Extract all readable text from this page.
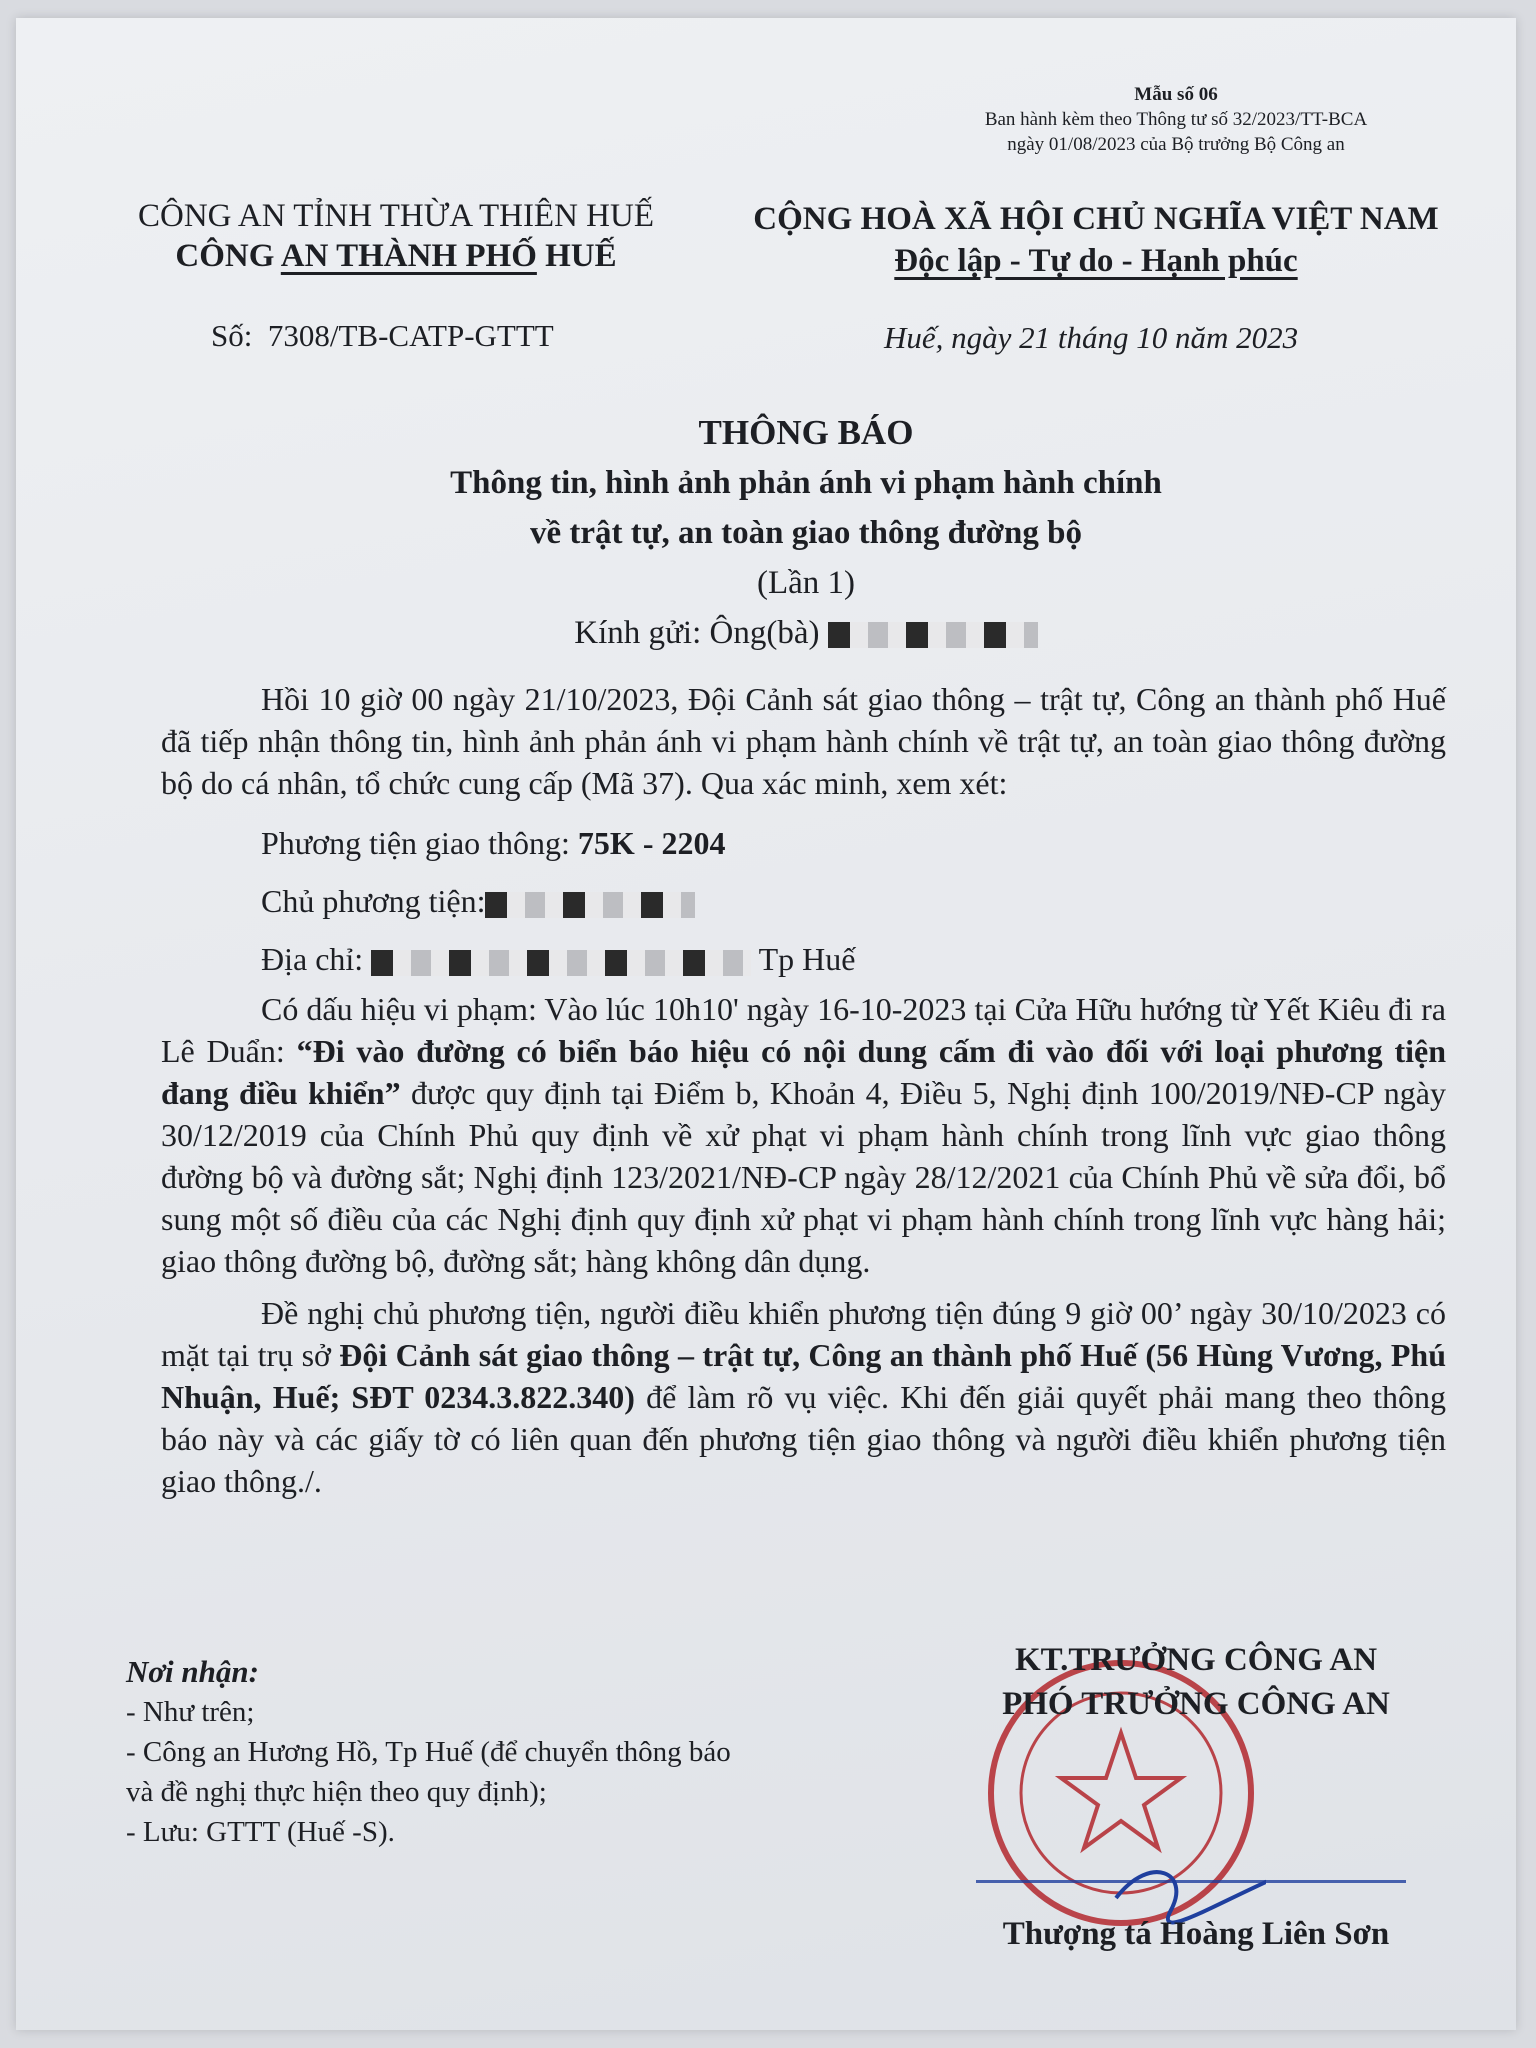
Mẫu số 06
Ban hành kèm theo Thông tư số 32/2023/TT-BCA
ngày 01/08/2023 của Bộ trưởng Bộ Công an
CÔNG AN TỈNH THỪA THIÊN HUẾ
CÔNG AN THÀNH PHỐ HUẾ
CỘNG HOÀ XÃ HỘI CHỦ NGHĨA VIỆT NAM
Độc lập - Tự do - Hạnh phúc
Số: 7308/TB-CATP-GTTT	Huế, ngày 21 tháng 10 năm 2023
THÔNG BÁO
Thông tin, hình ảnh phản ánh vi phạm hành chính
về trật tự, an toàn giao thông đường bộ
(Lần 1)
Kính gửi: Ông(bà)

Hồi 10 giờ 00 ngày 21/10/2023, Đội Cảnh sát giao thông – trật tự, Công an thành phố Huế đã tiếp nhận thông tin, hình ảnh phản ánh vi phạm hành chính về trật tự, an toàn giao thông đường bộ do cá nhân, tổ chức cung cấp (Mã 37). Qua xác minh, xem xét:

Phương tiện giao thông: 75K - 2204
Chủ phương tiện:
Địa chỉ:	Tp Huế

Có dấu hiệu vi phạm: Vào lúc 10h10' ngày 16-10-2023 tại Cửa Hữu hướng từ Yết Kiêu đi ra Lê Duẩn: “Đi vào đường có biển báo hiệu có nội dung cấm đi vào đối với loại phương tiện đang điều khiển” được quy định tại Điểm b, Khoản 4, Điều 5, Nghị định 100/2019/NĐ-CP ngày 30/12/2019 của Chính Phủ quy định về xử phạt vi phạm hành chính trong lĩnh vực giao thông đường bộ và đường sắt; Nghị định 123/2021/NĐ-CP ngày 28/12/2021 của Chính Phủ về sửa đổi, bổ sung một số điều của các Nghị định quy định xử phạt vi phạm hành chính trong lĩnh vực hàng hải; giao thông đường bộ, đường sắt; hàng không dân dụng.

Đề nghị chủ phương tiện, người điều khiển phương tiện đúng 9 giờ 00’ ngày 30/10/2023 có mặt tại trụ sở Đội Cảnh sát giao thông – trật tự, Công an thành phố Huế (56 Hùng Vương, Phú Nhuận, Huế; SĐT 0234.3.822.340) để làm rõ vụ việc. Khi đến giải quyết phải mang theo thông báo này và các giấy tờ có liên quan đến phương tiện giao thông và người điều khiển phương tiện giao thông./.

Nơi nhận:
- Như trên;
- Công an Hương Hồ, Tp Huế (để chuyển thông báo
và đề nghị thực hiện theo quy định);
- Lưu: GTTT (Huế -S).
KT.TRƯỞNG CÔNG AN
PHÓ TRƯỞNG CÔNG AN
Thượng tá Hoàng Liên Sơn
